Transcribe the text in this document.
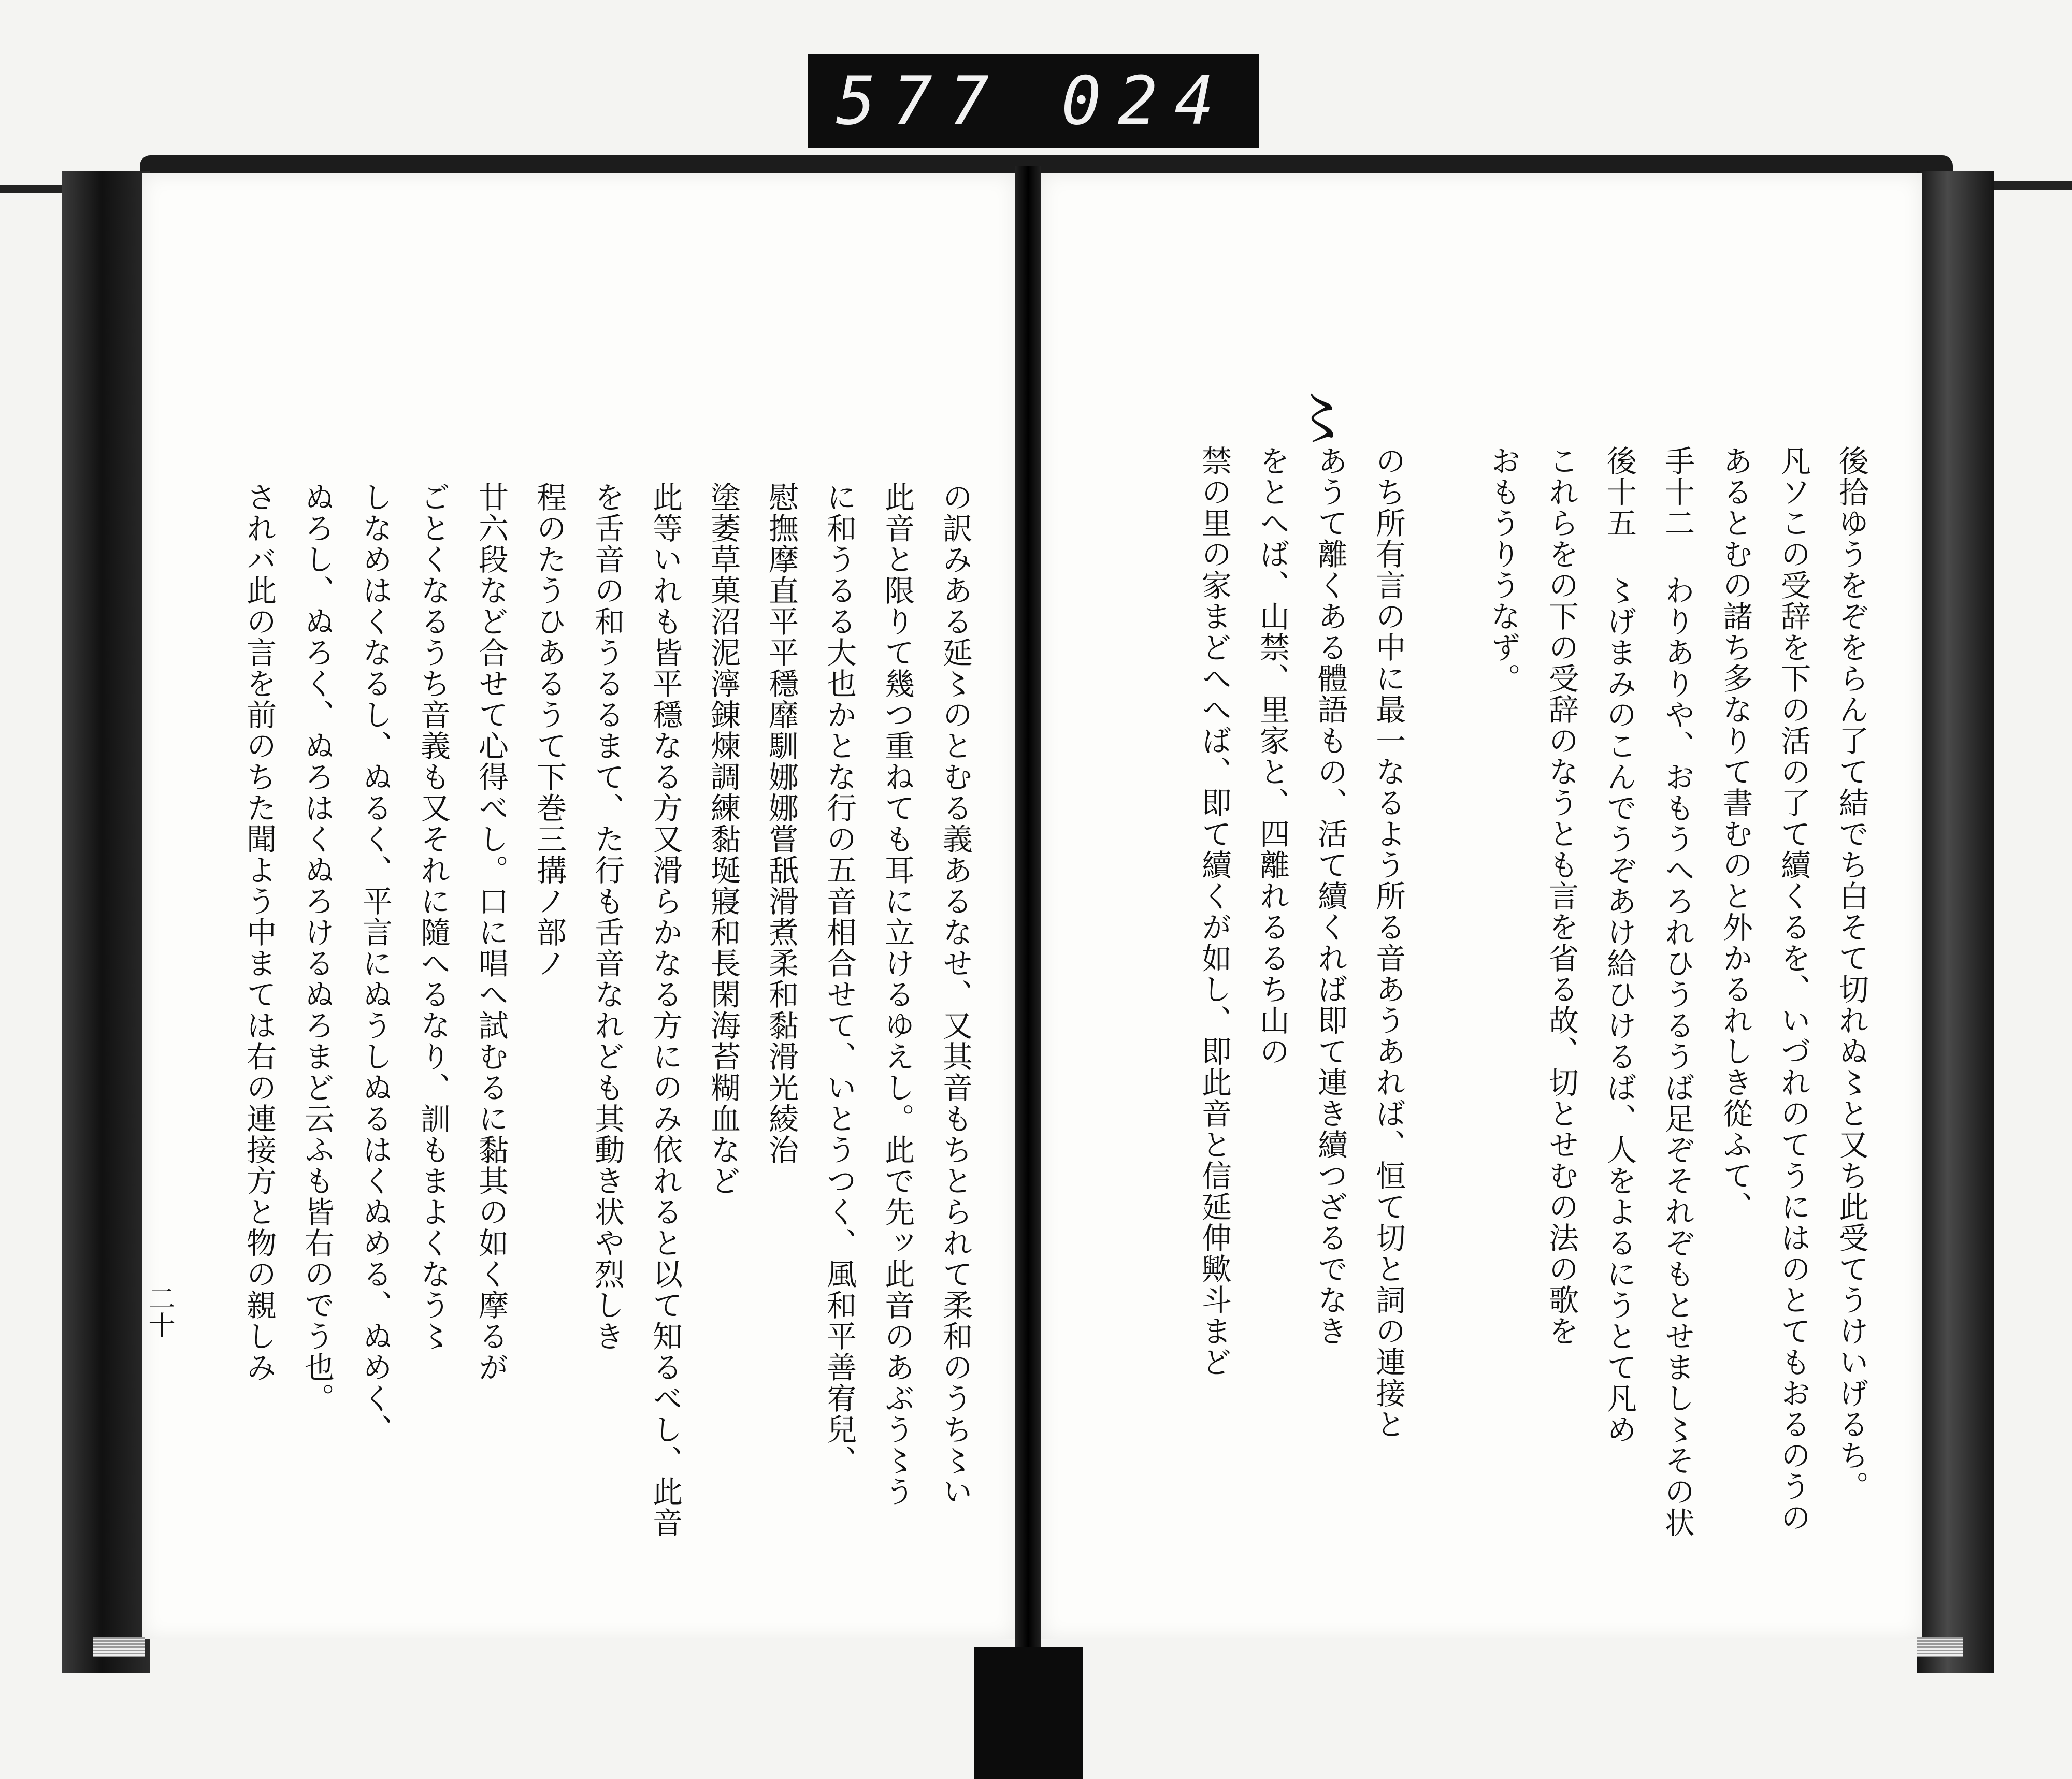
577 024
後拾ゆうをぞをらん了て結でち白そて切れぬ〻と又ち此受てうけいげるち。
凡ソこの受辞を下の活の了て續くるを、いづれのてうにはのとてもおるのうの
あるとむの諸ち多なりて書むのと外かるれしき從ふて、
手十二 わりありや、おもうへろれひうるうば足ぞそれぞもとせまし〻その状
後十五 〻げまみのこんでうぞあけ給ひけるば、人をよるにうとて凡め
これらをの下の受辞のなうとも言を省る故、切とせむの法の歌を
おもうりうなず。
のち所有言の中に最一なるよう所る音あうあれば、恒て切と詞の連接と
あうて離くある體語もの、活て續くれば即て連き續つざるでなき
をとへば、山禁、里家と、四離れるるち山の
禁の里の家まどへへば、即て續くが如し、即此音と信延伸歟斗まど
〻
の訳みある延〻のとむる義あるなせ、又其音もちとられて柔和のうち〻い
此音と限りて幾つ重ねても耳に立けるゆえし。此で先ッ此音のあぶう〻う
に和うるる大也かとな行の五音相合せて、いとうつく、風和平善宥兒、
慰撫摩直平平穩靡馴娜娜嘗舐滑煮柔和黏滑光綾治
塗萎草菓沼泥濘錬煉調練黏埏寢和長閑海苔糊血など
此等いれも皆平穩なる方又滑らかなる方にのみ依れると以て知るべし、此音
を舌音の和うるるまて、た行も舌音なれども其動き状や烈しき
程のたうひあるうて下巻三搆ノ部ノ
廿六段など合せて心得べし。口に唱へ試むるに黏其の如く摩るが
ごとくなるうち音義も又それに隨へるなり、訓もまよくなう〻
しなめはくなるし、ぬるく、平言にぬうしぬるはくぬめる、ぬめく、
ぬろし、ぬろく、ぬろはくぬろけるぬろまど云ふも皆右のでう也。
されバ此の言を前のちた聞よう中まては右の連接方と物の親しみ
二十
